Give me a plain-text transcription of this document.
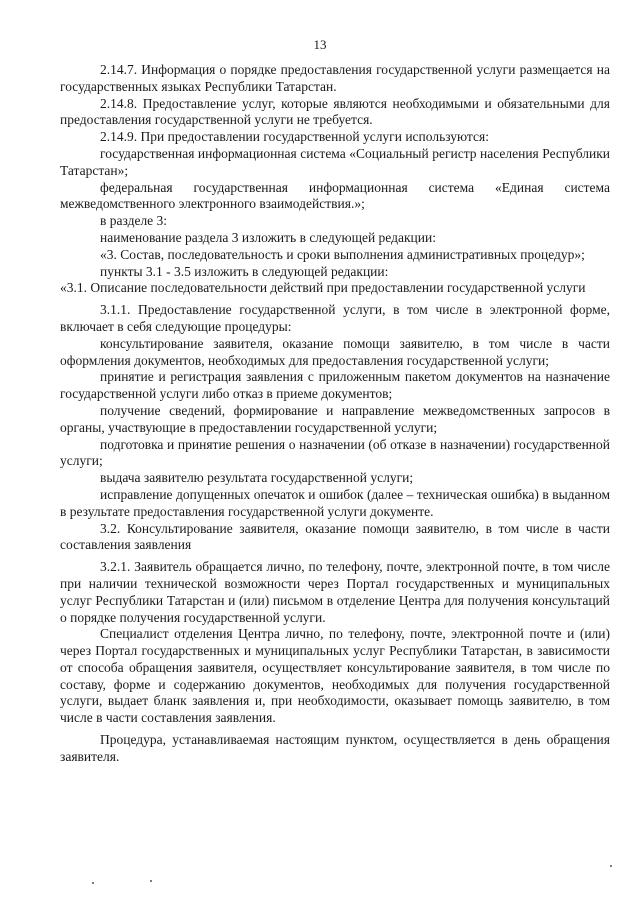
13

2.14.7. Информация о порядке предоставления государственной услуги размещается на государственных языках Республики Татарстан.

2.14.8. Предоставление услуг, которые являются необходимыми и обязательными для предоставления государственной услуги не требуется.

2.14.9. При предоставлении государственной услуги используются:

государственная информационная система «Социальный регистр населения Республики Татарстан»;

федеральная государственная информационная система «Единая система межведомственного электронного взаимодействия.»;

в разделе 3:

наименование раздела 3 изложить в следующей редакции:

«3. Состав, последовательность и сроки выполнения административных процедур»;

пункты 3.1 - 3.5 изложить в следующей редакции:

«3.1. Описание последовательности действий при предоставлении государственной услуги

3.1.1. Предоставление государственной услуги, в том числе в электронной форме, включает в себя следующие процедуры:

консультирование заявителя, оказание помощи заявителю, в том числе в части оформления документов, необходимых для предоставления государственной услуги;

принятие и регистрация заявления с приложенным пакетом документов на назначение государственной услуги либо отказ в приеме документов;

получение сведений, формирование и направление межведомственных запросов в органы, участвующие в предоставлении государственной услуги;

подготовка и принятие решения о назначении (об отказе в назначении) государственной услуги;

выдача заявителю результата государственной услуги;

исправление допущенных опечаток и ошибок (далее – техническая ошибка) в выданном в результате предоставления государственной услуги документе.

3.2. Консультирование заявителя, оказание помощи заявителю, в том числе в части составления заявления

3.2.1. Заявитель обращается лично, по телефону, почте, электронной почте, в том числе при наличии технической возможности через Портал государственных и муниципальных услуг Республики Татарстан и (или) письмом в отделение Центра для получения консультаций о порядке получения государственной услуги.

Специалист отделения Центра лично, по телефону, почте, электронной почте и (или) через Портал государственных и муниципальных услуг Республики Татарстан, в зависимости от способа обращения заявителя, осуществляет консультирование заявителя, в том числе по составу, форме и содержанию документов, необходимых для получения государственной услуги, выдает бланк заявления и, при необходимости, оказывает помощь заявителю, в том числе в части составления заявления.

Процедура, устанавливаемая настоящим пунктом, осуществляется в день обращения заявителя.
